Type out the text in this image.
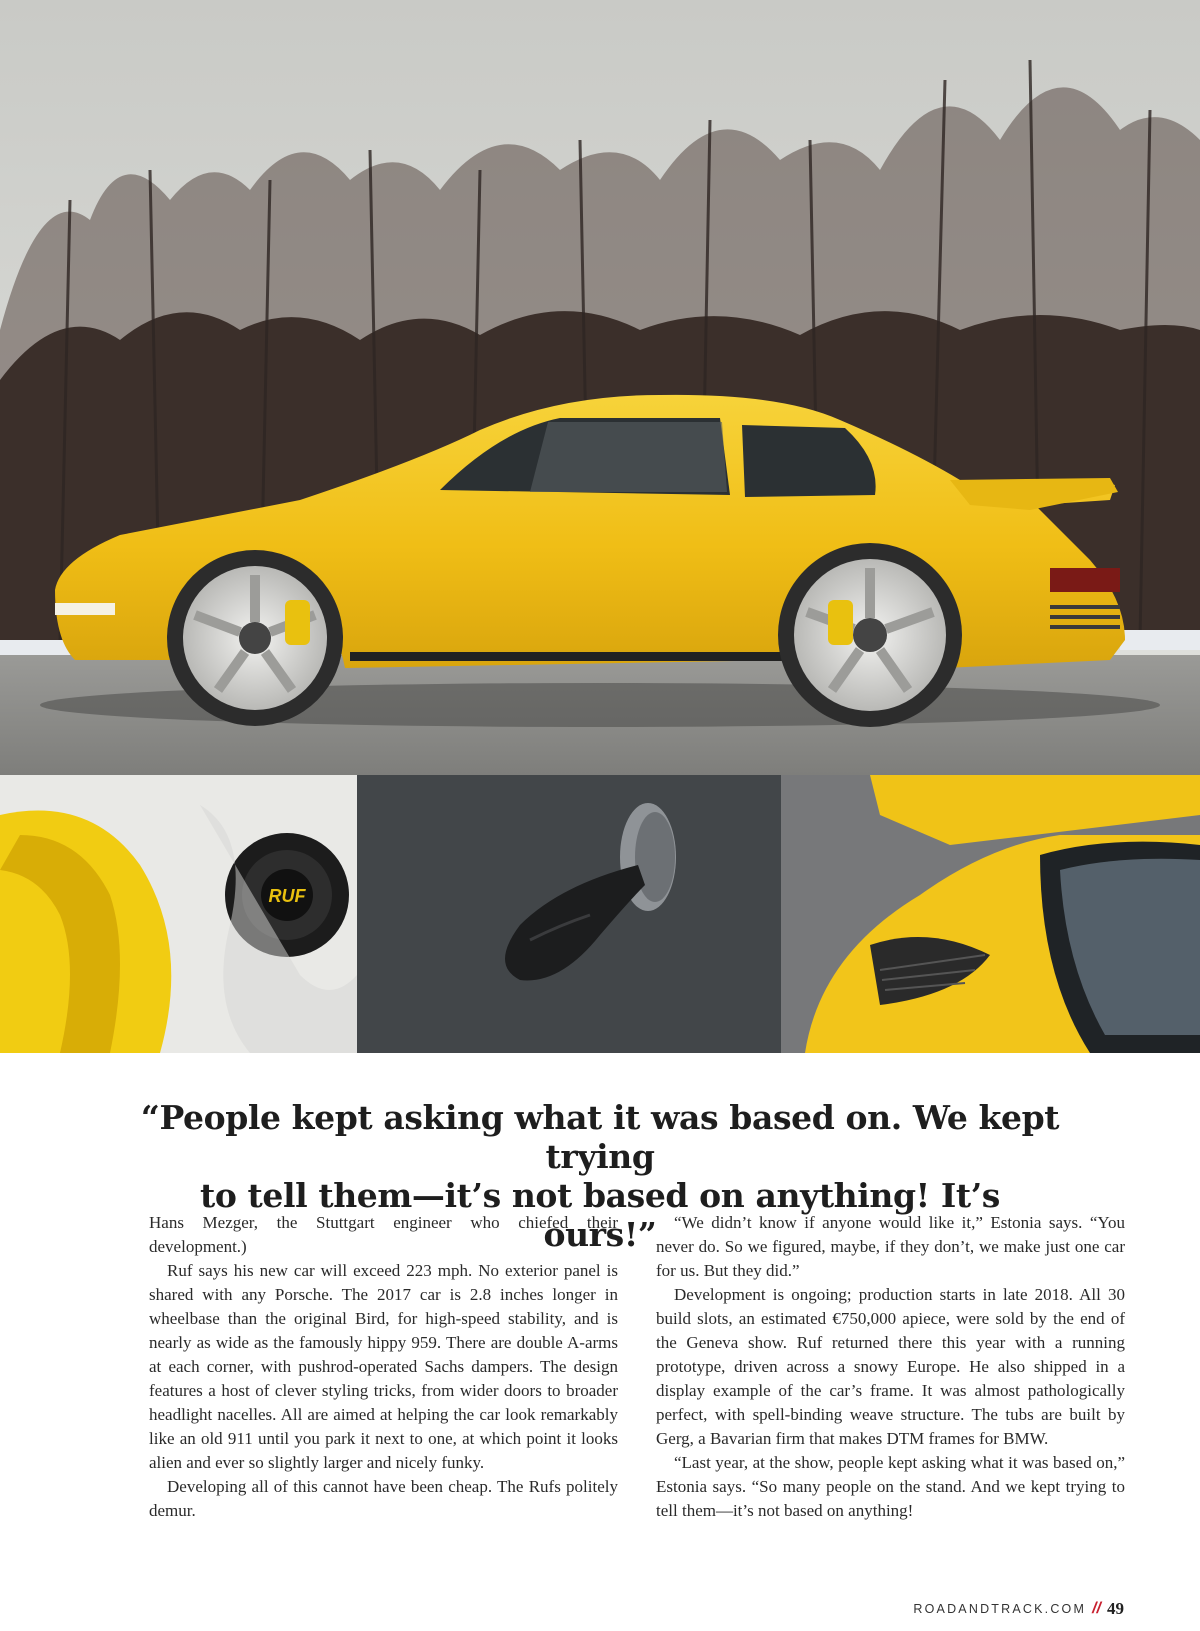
RUF
“People kept asking what it was based on. We kept trying
to tell them—it’s not based on anything! It’s ours!”

Hans Mezger, the Stuttgart engineer who chiefed their development.)

Ruf says his new car will exceed 223 mph. No exterior panel is shared with any Porsche. The 2017 car is 2.8 inches longer in wheelbase than the original Bird, for high-speed stability, and is nearly as wide as the famously hippy 959. There are double A-arms at each corner, with pushrod-operated Sachs dampers. The design features a host of clever styling tricks, from wider doors to broader headlight nacelles. All are aimed at helping the car look remarkably like an old 911 until you park it next to one, at which point it looks alien and ever so slightly larger and nicely funky.

Developing all of this cannot have been cheap. The Rufs politely demur.

“We didn’t know if anyone would like it,” Estonia says. “You never do. So we figured, maybe, if they don’t, we make just one car for us. But they did.”

Development is ongoing; production starts in late 2018. All 30 build slots, an estimated €750,000 apiece, were sold by the end of the Geneva show. Ruf returned there this year with a running prototype, driven across a snowy Europe. He also shipped in a display example of the car’s frame. It was almost pathologically perfect, with spell-binding weave structure. The tubs are built by Gerg, a Bavarian firm that makes DTM frames for BMW.

“Last year, at the show, people kept asking what it was based on,” Estonia says. “So many people on the stand. And we kept trying to tell them—it’s not based on anything!

ROADANDTRACK.COM // 49
